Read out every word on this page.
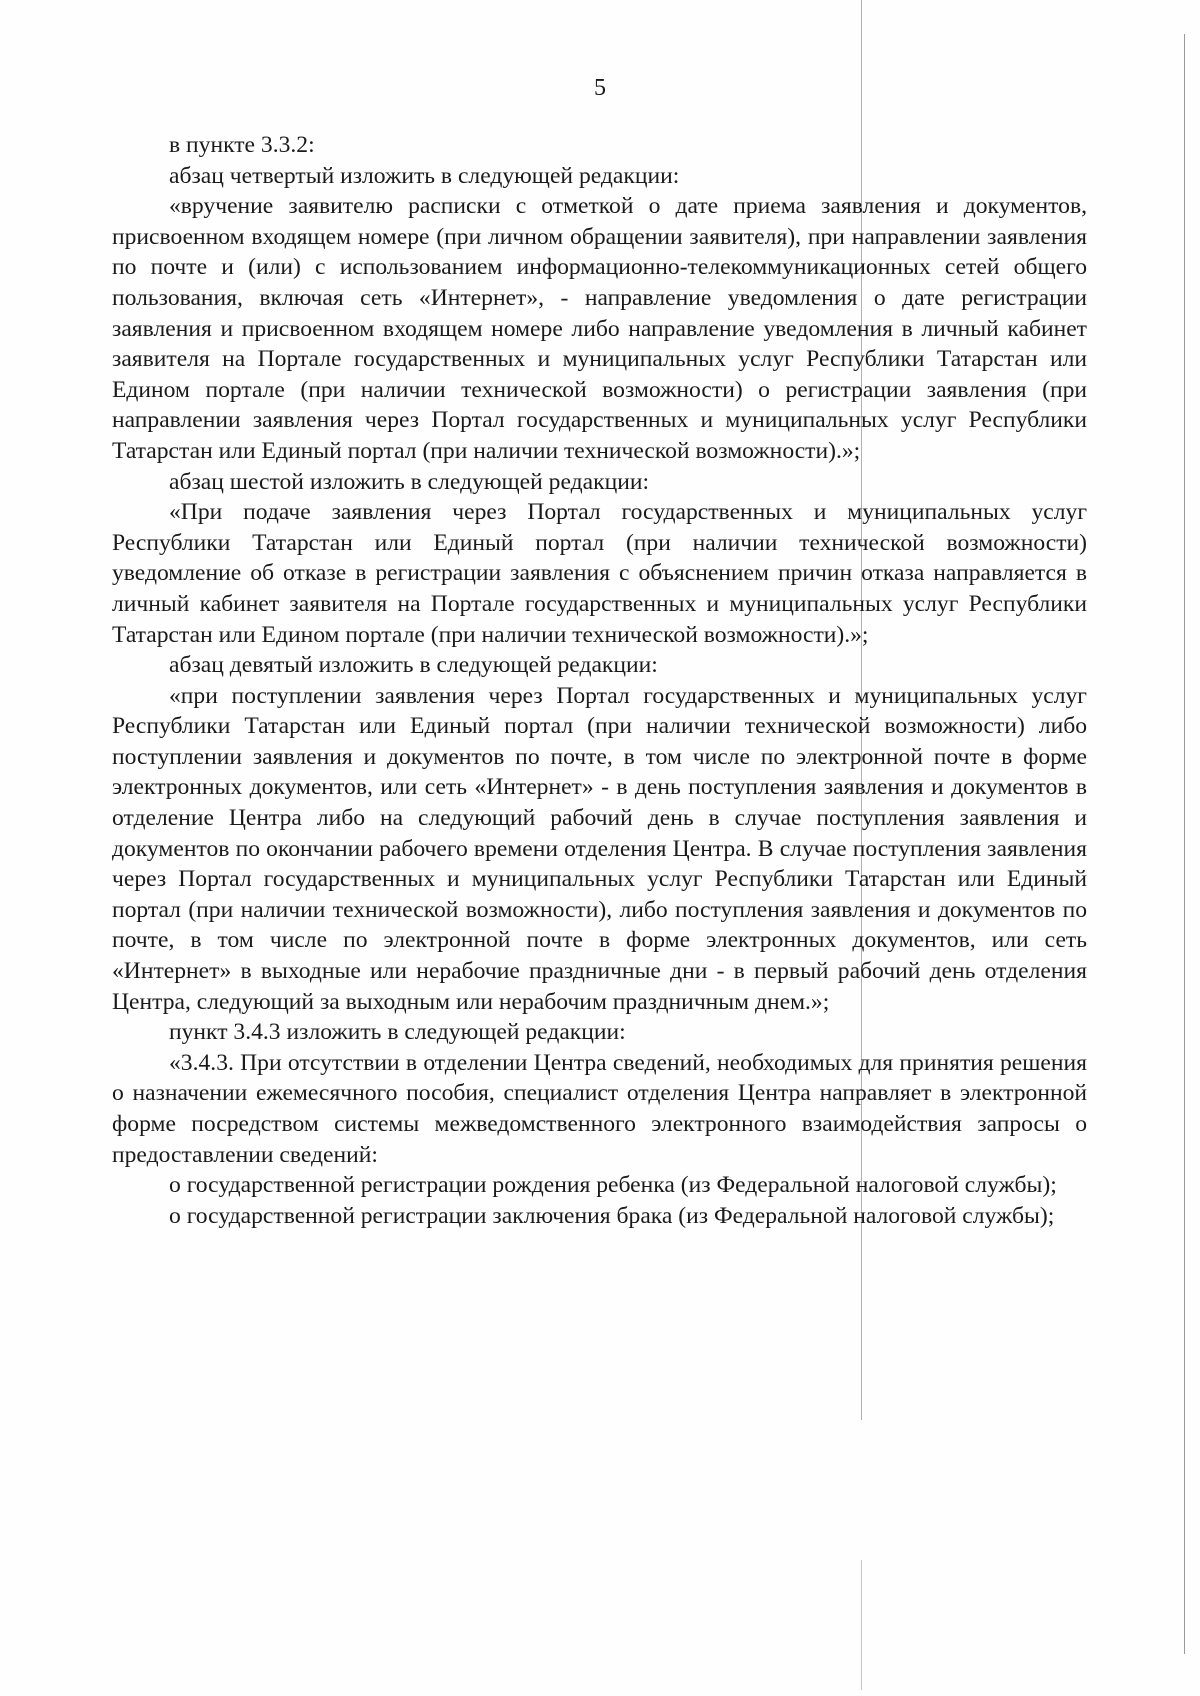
5

в пункте 3.3.2:

абзац четвертый изложить в следующей редакции:

«вручение заявителю расписки с отметкой о дате приема заявления и документов, присвоенном входящем номере (при личном обращении заявителя), при направлении заявления по почте и (или) с использованием информационно-телекоммуникационных сетей общего пользования, включая сеть «Интернет», - направление уведомления о дате регистрации заявления и присвоенном входящем номере либо направление уведомления в личный кабинет заявителя на Портале государственных и муниципальных услуг Республики Татарстан или Едином портале (при наличии технической возможности) о регистрации заявления (при направлении заявления через Портал государственных и муниципальных услуг Республики Татарстан или Единый портал (при наличии технической возможности).»;

абзац шестой изложить в следующей редакции:

«При подаче заявления через Портал государственных и муниципальных услуг Республики Татарстан или Единый портал (при наличии технической возможности) уведомление об отказе в регистрации заявления с объяснением причин отказа направляется в личный кабинет заявителя на Портале государственных и муниципальных услуг Республики Татарстан или Едином портале (при наличии технической возможности).»;

абзац девятый изложить в следующей редакции:

«при поступлении заявления через Портал государственных и муниципальных услуг Республики Татарстан или Единый портал (при наличии технической возможности) либо поступлении заявления и документов по почте, в том числе по электронной почте в форме электронных документов, или сеть «Интернет» - в день поступления заявления и документов в отделение Центра либо на следующий рабочий день в случае поступления заявления и документов по окончании рабочего времени отделения Центра. В случае поступления заявления через Портал государственных и муниципальных услуг Республики Татарстан или Единый портал (при наличии технической возможности), либо поступления заявления и документов по почте, в том числе по электронной почте в форме электронных документов, или сеть «Интернет» в выходные или нерабочие праздничные дни - в первый рабочий день отделения Центра, следующий за выходным или нерабочим праздничным днем.»;

пункт 3.4.3 изложить в следующей редакции:

«3.4.3. При отсутствии в отделении Центра сведений, необходимых для принятия решения о назначении ежемесячного пособия, специалист отделения Центра направляет в электронной форме посредством системы межведомственного электронного взаимодействия запросы о предоставлении сведений:

о государственной регистрации рождения ребенка (из Федеральной налоговой службы);

о государственной регистрации заключения брака (из Федеральной налоговой службы);
